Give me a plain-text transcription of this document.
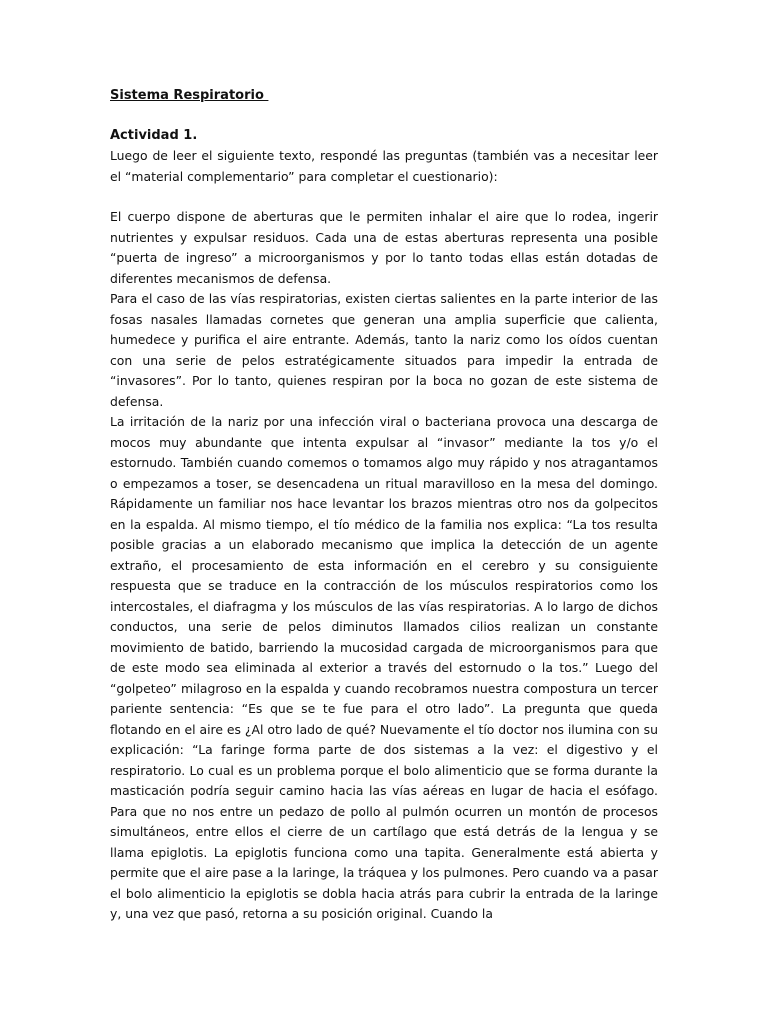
Sistema Respiratorio

Actividad 1.

Luego de leer el siguiente texto, respondé las preguntas (también vas a necesitar leer el “material complementario” para completar el cuestionario):

El cuerpo dispone de aberturas que le permiten inhalar el aire que lo rodea, ingerir nutrientes y expulsar residuos. Cada una de estas aberturas representa una posible “puerta de ingreso” a microorganismos y por lo tanto todas ellas están dotadas de diferentes mecanismos de defensa.

Para el caso de las vías respiratorias, existen ciertas salientes en la parte interior de las fosas nasales llamadas cornetes que generan una amplia superficie que calienta, humedece y purifica el aire entrante. Además, tanto la nariz como los oídos cuentan con una serie de pelos estratégicamente situados para impedir la entrada de “invasores”. Por lo tanto, quienes respiran por la boca no gozan de este sistema de defensa.

La irritación de la nariz por una infección viral o bacteriana provoca una descarga de mocos muy abundante que intenta expulsar al “invasor” mediante la tos y/o el estornudo. También cuando comemos o tomamos algo muy rápido y nos atragantamos o empezamos a toser, se desencadena un ritual maravilloso en la mesa del domingo. Rápidamente un familiar nos hace levantar los brazos mientras otro nos da golpecitos en la espalda. Al mismo tiempo, el tío médico de la familia nos explica: “La tos resulta posible gracias a un elaborado mecanismo que implica la detección de un agente extraño, el procesamiento de esta información en el cerebro y su consiguiente respuesta que se traduce en la contracción de los músculos respiratorios como los intercostales, el diafragma y los músculos de las vías respiratorias. A lo largo de dichos conductos, una serie de pelos diminutos llamados cilios realizan un constante movimiento de batido, barriendo la mucosidad cargada de microorganismos para que de este modo sea eliminada al exterior a través del estornudo o la tos.” Luego del “golpeteo” milagroso en la espalda y cuando recobramos nuestra compostura un tercer pariente sentencia: “Es que se te fue para el otro lado”. La pregunta que queda flotando en el aire es ¿Al otro lado de qué? Nuevamente el tío doctor nos ilumina con su explicación: “La faringe forma parte de dos sistemas a la vez: el digestivo y el respiratorio. Lo cual es un problema porque el bolo alimenticio que se forma durante la masticación podría seguir camino hacia las vías aéreas en lugar de hacia el esófago. Para que no nos entre un pedazo de pollo al pulmón ocurren un montón de procesos simultáneos, entre ellos el cierre de un cartílago que está detrás de la lengua y se llama epiglotis. La epiglotis funciona como una tapita. Generalmente está abierta y permite que el aire pase a la laringe, la tráquea y los pulmones. Pero cuando va a pasar el bolo alimenticio la epiglotis se dobla hacia atrás para cubrir la entrada de la laringe y, una vez que pasó, retorna a su posición original. Cuando la
